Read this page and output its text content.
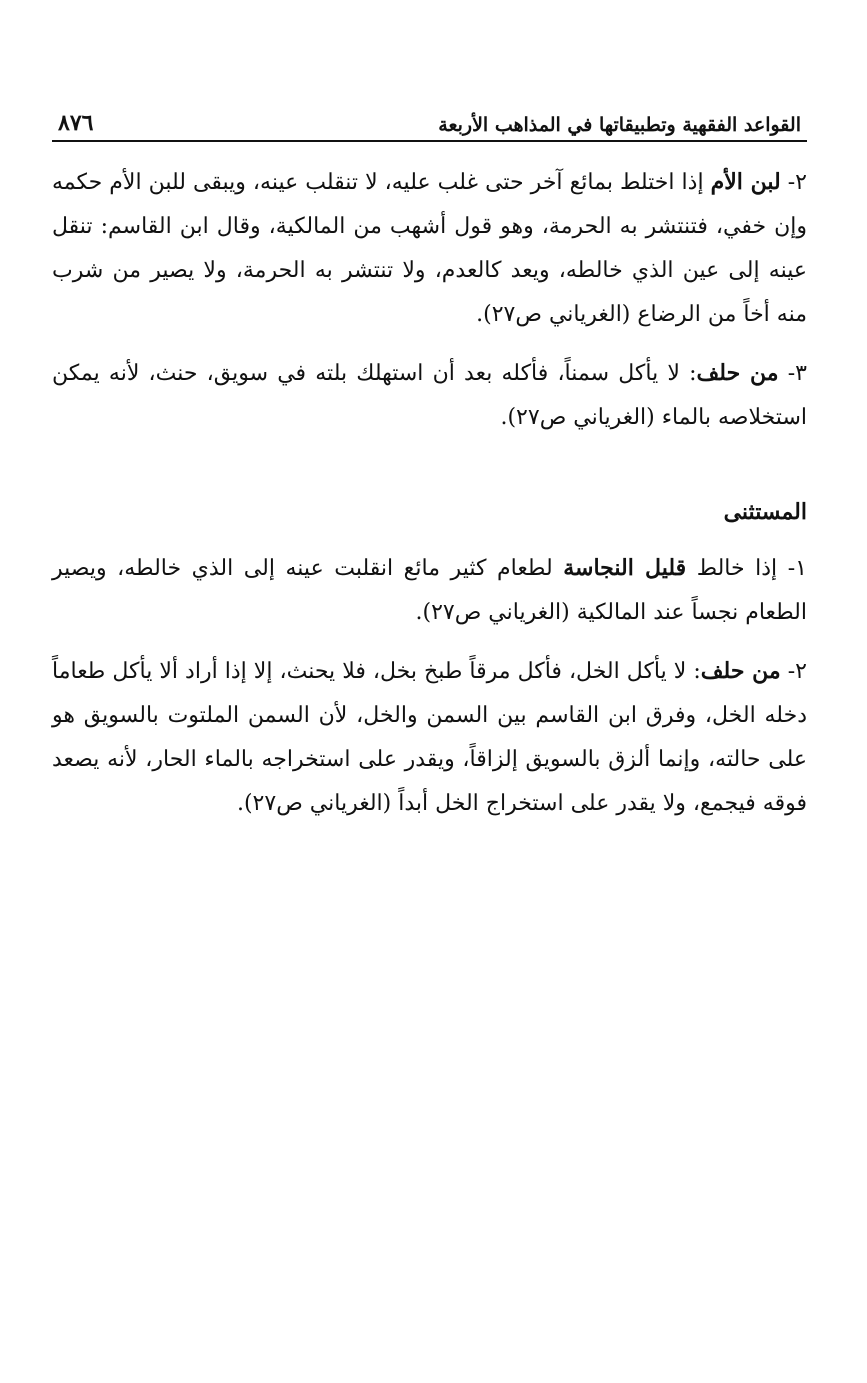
القواعد الفقهية وتطبيقاتها في المذاهب الأربعة
٨٧٦

٢- لبن الأم إذا اختلط بمائع آخر حتى غلب عليه، لا تنقلب عينه، ويبقى للبن الأم حكمه وإن خفي، فتنتشر به الحرمة، وهو قول أشهب من المالكية، وقال ابن القاسم: تنقل عينه إلى عين الذي خالطه، ويعد كالعدم، ولا تنتشر به الحرمة، ولا يصير من شرب منه أخاً من الرضاع (الغرياني ص٢٧).

٣- من حلف: لا يأكل سمناً، فأكله بعد أن استهلك بلته في سويق، حنث، لأنه يمكن استخلاصه بالماء (الغرياني ص٢٧).

المستثنى

١- إذا خالط قليل النجاسة لطعام كثير مائع انقلبت عينه إلى الذي خالطه، ويصير الطعام نجساً عند المالكية (الغرياني ص٢٧).

٢- من حلف: لا يأكل الخل، فأكل مرقاً طبخ بخل، فلا يحنث، إلا إذا أراد ألا يأكل طعاماً دخله الخل، وفرق ابن القاسم بين السمن والخل، لأن السمن الملتوت بالسويق هو على حالته، وإنما ألزق بالسويق إلزاقاً، ويقدر على استخراجه بالماء الحار، لأنه يصعد فوقه فيجمع، ولا يقدر على استخراج الخل أبداً (الغرياني ص٢٧).
